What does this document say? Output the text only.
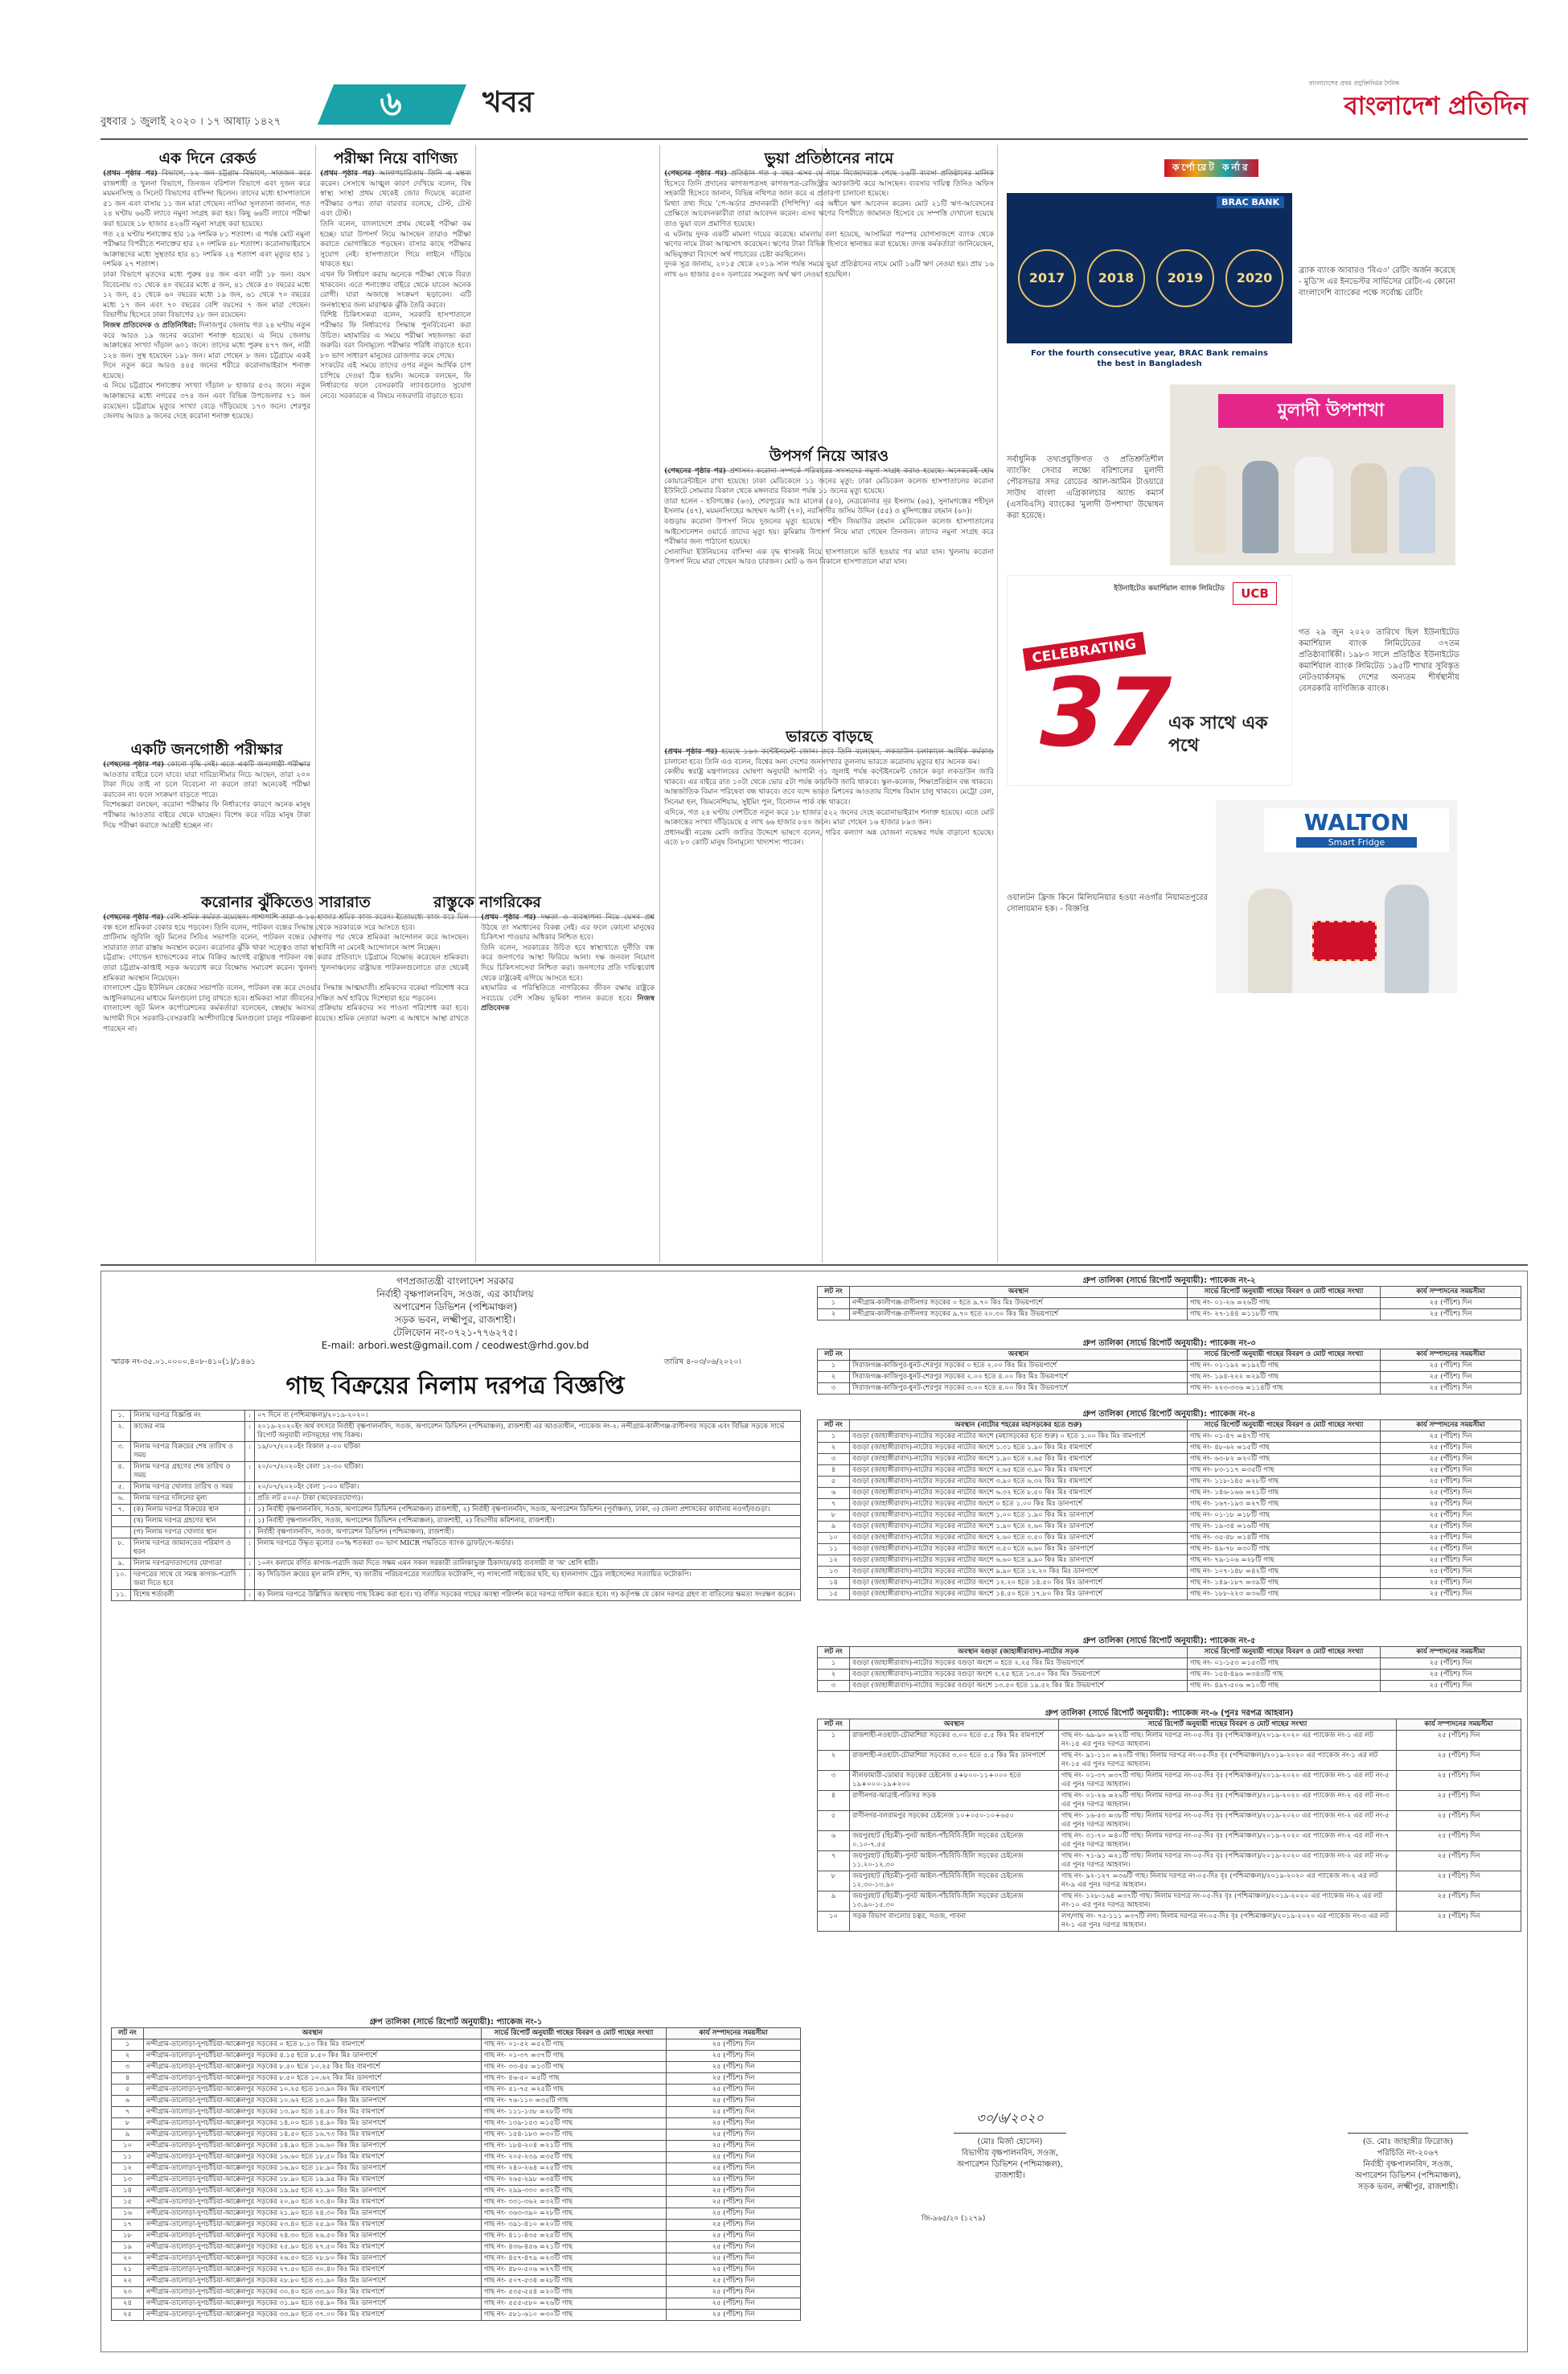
বুধবার ১ জুলাই ২০২০ । ১৭ আষাঢ় ১৪২৭	৬	খবর
বাংলাদেশের প্রথম প্রযুক্তিনির্ভর দৈনিক
বাংলাদেশ প্রতিদিন
এক দিনে রেকর্ড
(প্রথম পৃষ্ঠার পর) বিভাগে, ১২ জন চট্টগ্রাম বিভাগে, সাতজন করে রাজশাহী ও খুলনা বিভাগে, তিনজন বরিশাল বিভাগে এবং দুজন করে ময়মনসিংহ ও সিলেট বিভাগের বাসিন্দা ছিলেন। তাদের মধ্যে হাসপাতালে ৫১ জন এবং বাসায় ১১ জন মারা গেছেন। নাসিমা সুলতানা জানান, গত ২৪ ঘণ্টায় ৬৬টি ল্যাবে নমুনা সংগ্রহ করা হয়। কিছু ৬৬টি ল্যাবে পরীক্ষা করা হয়েছে ১৮ হাজার ৪২৬টি নমুনা সংগ্রহ করা হয়েছে।
গত ২৪ ঘণ্টায় শনাক্তের হার ১৯ দশমিক ৮১ শতাংশ। এ পর্যন্ত মোট নমুনা পরীক্ষার বিপরীতে শনাক্তের হার ২০ দশমিক ৪৮ শতাংশ। করোনাভাইরাসে আক্রান্তদের মধ্যে সুস্থতার হার ৪১ দশমিক ২৪ শতাংশ এবং মৃত্যুর হার ১ দশমিক ২৭ শতাংশ।
ঢাকা বিভাগে মৃতদের মধ্যে পুরুষ ৪৪ জন এবং নারী ১৮ জন। বয়স বিবেচনায় ৩১ থেকে ৪০ বছরের মধ্যে ৫ জন, ৪১ থেকে ৫০ বছরের মধ্যে ১২ জন, ৫১ থেকে ৬০ বছরের মধ্যে ১৯ জন, ৬১ থেকে ৭০ বছরের মধ্যে ১৭ জন এবং ৭০ বছরের বেশি বয়সের ৭ জন মারা গেছেন। বিভাগীয় হিসেবে ঢাকা বিভাগের ২৮ জন রয়েছেন।
নিজস্ব প্রতিবেদক ও প্রতিনিধিরা: দিনাজপুর জেলায় গত ২৪ ঘণ্টায় নতুন করে আরও ১৯ জনের করোনা শনাক্ত হয়েছে। এ নিয়ে জেলায় আক্রান্তের সংখ্যা দাঁড়াল ৬০১ জনে। তাদের মধ্যে পুরুষ ৪৭৭ জন, নারী ১২৪ জন। সুস্থ হয়েছেন ১৯৮ জন। মারা গেছেন ৮ জন। চট্টগ্রামে একই দিনে নতুন করে আরও ৪৪৫ জনের শরীরে করোনাভাইরাস শনাক্ত হয়েছে।
এ নিয়ে চট্টগ্রামে শনাক্তের সংখ্যা দাঁড়াল ৮ হাজার ৫৩২ জনে। নতুন আক্রান্তদের মধ্যে নগরের ৩৭৪ জন এবং বিভিন্ন উপজেলার ৭১ জন রয়েছেন। চট্টগ্রামে মৃত্যুর সংখ্যা বেড়ে দাঁড়িয়েছে ১৭৩ জনে। শেরপুর জেলায় আরও ৯ জনের দেহে করোনা শনাক্ত হয়েছে।
একটি জনগোষ্ঠী পরীক্ষার
(পেছনের পৃষ্ঠার পর) কোনো বৃদ্ধি নেই। এতে একটি জনগোষ্ঠী পরীক্ষার আওতার বাইরে চলে যাবে। যারা দারিদ্র্যসীমার নিচে আছেন, তারা ২০০ টাকা দিয়ে তাই না চলে বিবেচনা না করলে তারা অনেকেই পরীক্ষা করাবেন না। ফলে সংক্রমণ বাড়তে পারে।
বিশেষজ্ঞরা বলছেন, করোনা পরীক্ষার ফি নির্ধারণের কারণে অনেক মানুষ পরীক্ষার আওতার বাইরে থেকে যাচ্ছেন। বিশেষ করে দরিদ্র মানুষ টাকা দিয়ে পরীক্ষা করাতে আগ্রহী হচ্ছেন না।
করোনার ঝুঁকিতেও সারারাত
(পেছনের পৃষ্ঠার পর) বেশি শ্রমিক কর্মরত রয়েছেন। পাশাপাশি তারা ও ১৪ হাজার শ্রমিক কাজ করেন। ইতোমধ্যে কাজ করে মিল বন্ধ হলে শ্রমিকরা বেকার হয়ে পড়বেন। তিনি বলেন, পাটকল বন্ধের সিদ্ধান্ত থেকে সরকারকে সরে আসতে হবে।
প্রাটিনাম জুবিলি জুট মিলের সিবিএ সভাপতি বলেন, পাটকল বন্ধের ঘোষণার পর থেকে শ্রমিকরা আন্দোলন করে আসছেন। সারারাত তারা রাস্তায় অবস্থান করেন। করোনার ঝুঁকি থাকা সত্ত্বেও তারা স্বাস্থ্যবিধি না মেনেই আন্দোলনে অংশ নিচ্ছেন।
চট্টগ্রাম: গোল্ডেন হ্যান্ডশেকের নামে বিক্রির আগেই রাষ্ট্রায়ত্ত পাটকল বন্ধ করার প্রতিবাদে চট্টগ্রামে বিক্ষোভ করেছেন শ্রমিকরা। তারা চট্টগ্রাম-কাপ্তাই সড়ক অবরোধ করে বিক্ষোভ সমাবেশ করেন। খুলনা: খুলনাঞ্চলের রাষ্ট্রায়ত্ত পাটকলগুলোতে রাত থেকেই শ্রমিকরা অবস্থান নিয়েছেন।
বাংলাদেশ ট্রেড ইউনিয়ন কেন্দ্রের সভাপতি বলেন, পাটকল বন্ধ করে দেওয়ার সিদ্ধান্ত আত্মঘাতী। শ্রমিকদের বকেয়া পরিশোধ করে আধুনিকায়নের মাধ্যমে মিলগুলো চালু রাখতে হবে। শ্রমিকরা সারা জীবনের সঞ্চিত অর্থ হারিয়ে দিশেহারা হয়ে পড়বেন।
বাংলাদেশ জুট মিলস কর্পোরেশনের কর্মকর্তারা বলেছেন, স্বেচ্ছায় অবসর প্রক্রিয়ায় শ্রমিকদের সব পাওনা পরিশোধ করা হবে। আগামী দিনে সরকারি-বেসরকারি অংশীদারিত্বে মিলগুলো চালুর পরিকল্পনা রয়েছে। শ্রমিক নেতারা অবশ্য এ আশ্বাসে আস্থা রাখতে পারছেন না।
পরীক্ষা নিয়ে বাণিজ্য
(প্রথম পৃষ্ঠার পর) আলাপচারিতায় তিনি এ মন্তব্য করেন। সেসাথে আত্মুল কারণ দেখিয়ে বলেন, বিষ স্বাস্থ্য সংস্থা প্রথম থেকেই জোর দিয়েছে করোনা পরীক্ষার ওপর। তারা বারবার বলেছে, টেস্ট, টেস্ট এবং টেস্ট।
তিনি বলেন, বাংলাদেশে প্রথম থেকেই পরীক্ষা কম হচ্ছে। যারা উপসর্গ নিয়ে আসছেন তারাও পরীক্ষা করাতে ভোগান্তিতে পড়ছেন। বাসার কাছে পরীক্ষার সুযোগ নেই। হাসপাতালে গিয়ে লাইনে দাঁড়িয়ে থাকতে হয়।
এখন ফি নির্ধারণ করায় অনেকে পরীক্ষা থেকে বিরত থাকবেন। এতে শনাক্তের বাইরে থেকে যাবেন অনেক রোগী। যারা অজান্তে সংক্রমণ ছড়াবেন। এটি জনস্বাস্থ্যের জন্য মারাত্মক ঝুঁকি তৈরি করবে।
বিশিষ্ট চিকিৎসকরা বলেন, সরকারি হাসপাতালে পরীক্ষার ফি নির্ধারণের সিদ্ধান্ত পুনর্বিবেচনা করা উচিত। মহামারির এ সময়ে পরীক্ষা সহজলভ্য করা জরুরি। বরং বিনামূল্যে পরীক্ষার পরিধি বাড়াতে হবে। ৮০ ভাগ সাধারণ মানুষের রোজগার কমে গেছে।
সংকটের এই সময়ে তাদের ওপর নতুন আর্থিক চাপ চাপিয়ে দেওয়া ঠিক হয়নি। অনেকে বলছেন, ফি নির্ধারণের ফলে বেসরকারি ল্যাবগুলোও সুযোগ নেবে। সরকারকে এ বিষয়ে নজরদারি বাড়াতে হবে।
রাস্তুকে নাগরিকের
(প্রথম পৃষ্ঠার পর) দক্ষতা ও ব্যবস্থাপনা নিয়ে যেসব প্রশ্ন উঠছে তা সমাধানের বিকল্প নেই। এর ফলে কোনো মানুষের চিকিৎসা পাওয়ার অধিকার নিশ্চিত হবে।
তিনি বলেন, সরকারের উচিত হবে স্বাস্থ্যখাতে দুর্নীতি বন্ধ করে জনগণের আস্থা ফিরিয়ে আনা। দক্ষ জনবল নিয়োগ দিয়ে চিকিৎসাসেবা নিশ্চিত করা। জনগণের প্রতি দায়িত্ববোধ থেকে রাষ্ট্রকেই এগিয়ে আসতে হবে।
মহামারির এ পরিস্থিতিতে নাগরিকের জীবন রক্ষায় রাষ্ট্রকে সবচেয়ে বেশি সক্রিয় ভূমিকা পালন করতে হবে। নিজস্ব প্রতিবেদক
ভুয়া প্রতিষ্ঠানের নামে
(পেছনের পৃষ্ঠার পর) প্রতিষ্ঠান গত ৫ বছর এসব যে নামে নিজেদেরকে পেছে ১৬টি ব্যবসা প্রতিষ্ঠানের মালিক হিসেবে তিনি প্রদানের কাগজপত্রসহ কাগজপত্র-রেজিস্ট্রার অ্যাকাউন্ট করে আসছেন। ব্যবসার দায়িত্ব তিনিও অফিস সহকারী হিসেবে জানান, বিভিন্ন নথিপত্র জাল করে এ প্রতারণা চালানো হয়েছে।
মিথ্যা তথ্য দিয়ে 'পে-অর্ডার প্রদানকারী (পিপিপি)' এর অধীনে ঋণ আবেদন করেন। মোট ২১টি ঋণ-আবেদনের প্রেক্ষিতে আবেদনকারীরা তারা আবেদন করেন। এসব ঋণের বিপরীতে জামানত হিসেবে যে সম্পত্তি দেখানো হয়েছে তাও ভুয়া বলে প্রমাণিত হয়েছে।
এ ঘটনায় দুদক একটি মামলা দায়ের করেছে। মামলায় বলা হয়েছে, আসামিরা পরস্পর যোগসাজশে ব্যাংক থেকে ঋণের নামে টাকা আত্মসাৎ করেছেন। ঋণের টাকা বিভিন্ন হিসাবে স্থানান্তর করা হয়েছে। তদন্ত কর্মকর্তারা জানিয়েছেন, অভিযুক্তরা বিদেশে অর্থ পাচারের চেষ্টা করছিলেন।
দুদক সূত্র জানায়, ২০১৫ থেকে ২০১৯ সাল পর্যন্ত সময়ে ভুয়া প্রতিষ্ঠানের নামে মোট ১৬টি ঋণ নেওয়া হয়। প্রায় ১৬ লাখ ৬০ হাজার ৫০০ ডলারের সমতুল্য অর্থ ঋণ নেওয়া হয়েছিল।
উপসর্গ নিয়ে আরও
(পেছনের পৃষ্ঠার পর) প্রশাসন। করোনা সম্পর্কে পরিবারের সদস্যদের নমুনা সংগ্রহ করাও হয়েছে। অনেককেই হোম কোয়ারেন্টাইনে রাখা হয়েছে। ঢাকা মেডিকেলে ১১ জনের মৃত্যু: ঢাকা মেডিকেল কলেজ হাসপাতালের করোনা ইউনিটে সোমবার বিকাল থেকে মঙ্গলবার বিকাল পর্যন্ত ১১ জনের মৃত্যু হয়েছে।
তারা হলেন - হবিগঞ্জের (৬৩), শেরপুরের আঃ মালেক (৫০), নেত্রকোনার নূর ইসলাম (৬৫), সুনামগঞ্জের শহীদুল ইসলাম (৪৭), ময়মনসিংহের আহম্মদ আলী (৭০), নরসিংদীর জসিম উদ্দিন (৫৫) ও মুন্সিগঞ্জের রহমান (৬০)।
বগুড়ায় করোনা উপসর্গ নিয়ে দুজনের মৃত্যু হয়েছে। শহীদ জিয়াউর রহমান মেডিকেল কলেজ হাসপাতালের আইসোলেশন ওয়ার্ডে তাদের মৃত্যু হয়। কুমিল্লায় উপসর্গ নিয়ে মারা গেছেন তিনজন। তাদের নমুনা সংগ্রহ করে পরীক্ষার জন্য পাঠানো হয়েছে।
সোনাদিয়া ইউনিয়নের বাসিন্দা এক বৃদ্ধ শ্বাসকষ্ট নিয়ে হাসপাতালে ভর্তি হওয়ার পর মারা যান। খুলনায় করোনা উপসর্গ নিয়ে মারা গেছেন আরও চারজন। মোট ৬ জন বিকালে হাসপাতালে মারা যান।
ভারতে বাড়ছে
(প্রথম পৃষ্ঠার পর) হয়েছে ১৬৩ কন্টেইনমেন্ট জোন। তবে তিনি বলেছেন, লকডাউন চলাকালে আর্থিক কর্মকাণ্ড চালানো হবে। তিনি এও বলেন, বিশ্বের অন্য দেশের জনসংখ্যার তুলনায় ভারতে করোনায় মৃত্যুর হার অনেক কম।
কেন্দ্রীয় স্বরাষ্ট্র মন্ত্রণালয়ের ঘোষণা অনুযায়ী আগামী ৩১ জুলাই পর্যন্ত কন্টেইনমেন্ট জোনে কড়া লকডাউন জারি থাকবে। এর বাইরে রাত ১০টা থেকে ভোর ৫টা পর্যন্ত কারফিউ জারি থাকবে। স্কুল-কলেজ, শিক্ষাপ্রতিষ্ঠান বন্ধ থাকবে।
আন্তর্জাতিক বিমান পরিষেবা বন্ধ থাকবে। তবে বন্দে ভারত মিশনের আওতায় বিশেষ বিমান চালু থাকবে। মেট্রো রেল, সিনেমা হল, জিমনেশিয়াম, সুইমিং পুল, বিনোদন পার্ক বন্ধ থাকবে।
এদিকে, গত ২৪ ঘণ্টায় দেশটিতে নতুন করে ১৮ হাজার ৫২২ জনের দেহে করোনাভাইরাস শনাক্ত হয়েছে। এতে মোট আক্রান্তের সংখ্যা দাঁড়িয়েছে ৫ লাখ ৬৬ হাজার ৮৪০ জনে। মারা গেছেন ১৬ হাজার ৮৯৩ জন।
প্রধানমন্ত্রী নরেন্দ্র মোদি জাতির উদ্দেশে ভাষণে বলেন, গরিব কল্যাণ অন্ন যোজনা নভেম্বর পর্যন্ত বাড়ানো হয়েছে। এতে ৮০ কোটি মানুষ বিনামূল্যে খাদ্যশস্য পাবেন।
কর্পোরেট কর্নার
BRAC BANK
2017	2018	2019	2020
For the fourth consecutive year, BRAC Bank remains the best in Bangladesh
ব্র্যাক ব্যাংক আবারও 'বিএ৩' রেটিং অর্জন করেছে - মুডি'স এর ইনভেস্টর সার্ভিসের রেটিং-এ কোনো বাংলাদেশি ব্যাংকের পক্ষে সর্বোচ্চ রেটিং
মুলাদী উপশাখা
সর্বাধুনিক তথ্যপ্রযুক্তিগত ও প্রতিশ্রুতিশীল ব্যাংকিং সেবার লক্ষ্যে বরিশালের মুলাদী পৌরসভার সদর রোডের আল-আমিন টাওয়ারে সাউথ বাংলা এগ্রিকালচার অ্যান্ড কমার্স (এসবিএসি) ব্যাংকের 'মুলাদী উপশাখা' উদ্বোধন করা হয়েছে।
ইউনাইটেড কমার্শিয়াল ব্যাংক লিমিটেড	UCB
CELEBRATING
37
এক সাথে এক পথে
গত ২৯ জুন ২০২০ তারিখে ছিল ইউনাইটেড কমার্শিয়াল ব্যাংক লিমিটেডের ৩৭তম প্রতিষ্ঠাবার্ষিকী। ১৯৮৩ সালে প্রতিষ্ঠিত ইউনাইটেড কমার্শিয়াল ব্যাংক লিমিটেড ১৯৫টি শাখার সুবিস্তৃত নেটওয়ার্কসমৃদ্ধ দেশের অন্যতম শীর্ষস্থানীয় বেসরকারি বাণিজ্যিক ব্যাংক।
WALTON
Smart Fridge
ওয়ালটন ফ্রিজ কিনে মিলিয়নিয়ার হওয়া নওগাঁর নিয়ামতপুরের সোলায়মান হক। - বিজ্ঞপ্তি
গণপ্রজাতন্ত্রী বাংলাদেশ সরকার
নির্বাহী বৃক্ষপালনবিদ, সওজ, এর কার্যালয়
অপারেশন ডিভিশন (পশ্চিমাঞ্চল)
সড়ক ভবন, লক্ষ্মীপুর, রাজশাহী।
টেলিফোন নং-০৭২১-৭৭৬২৭৫।
E-mail: arbori.west@gmail.com / ceodwest@rhd.gov.bd
স্মারক নং-৩৫.০১.০০০০.৪০৮-৪১০(১)/১৪৬১	তারিখ ৪-০৩/০৬/২০২০।
গাছ বিক্রয়ের নিলাম দরপত্র বিজ্ঞপ্তি
১.	নিলাম দরপত্র বিজ্ঞপ্তি নং	:	০৭ দিনে ব্য (পশ্চিমাঞ্চল)/২০১৯-২০২০।
২.	কাজের নাম	:	২০১৯-২০২০ইং অর্থ বৎসরে নির্বাহী বৃক্ষপালনবিদ, সওজ, অপারেশন ডিভিশন (পশ্চিমাঞ্চল), রাজশাহী এর আওতাধীন, প্যাকেজ নং-২: নন্দীগ্রাম-কালীগঞ্জ-রাণীনগর সড়কে এবং বিভিন্ন সড়কে সার্ভে রিপোর্ট অনুযায়ী লটসমূহের গাছ বিক্রয়।
৩.	নিলাম দরপত্র বিক্রয়ের শেষ তারিখ ও সময়	:	১৯/০৭/২০২০ইং বিকাল ৫-০০ ঘটিকা
৪.	নিলাম দরপত্র গ্রহণের শেষ তারিখ ও সময়	:	২০/০৭/২০২০ইং বেলা ১২-৩০ ঘটিকা।
৫.	নিলাম দরপত্র খোলার তারিখ ও সময়	:	২০/০৭/২০২০ইং বেলা ১-০০ ঘটিকা।
৬.	নিলাম দরপত্র দলিলের মূল্য	:	প্রতি লট ৫০০/- টাকা (অফেরতযোগ্য)।
৭.	(ক) নিলাম দরপত্র বিক্রয়ের স্থান	:	১) নির্বাহী বৃক্ষপালনবিদ, সওজ, অপারেশন ডিভিশন (পশ্চিমাঞ্চল) রাজশাহী, ২) নির্বাহী বৃক্ষপালনবিদ, সওজ, অপারেশন ডিভিশন (পূর্বাঞ্চল), ঢাকা, ৩) জেলা প্রশাসকের কার্যালয় নওগাঁ/বগুড়া।
	(খ) নিলাম দরপত্র গ্রহণের স্থান	:	১) নির্বাহী বৃক্ষপালনবিদ, সওজ, অপারেশন ডিভিশন (পশ্চিমাঞ্চল), রাজশাহী, ২) বিভাগীয় কমিশনার, রাজশাহী।
	(গ) নিলাম দরপত্র খোলার স্থান	:	নির্বাহী বৃক্ষপালনবিদ, সওজ, অপারেশন ডিভিশন (পশ্চিমাঞ্চল), রাজশাহী।
৮.	নিলাম দরপত্র জামানতের পরিমাণ ও ধরন	:	নিলাম দরপত্রে উদ্ধৃত মূল্যের ৩০% শতকরা ৩০ ভাগ MICR পদ্ধতিতে ব্যাংক ড্রাফট/পে-অর্ডার।
৯.	নিলাম দরপত্রদাতাগণের যোগ্যতা	:	১০নং কলামে বর্ণিত কাগজ-পত্রাদি জমা দিতে সক্ষম এমন সকল সরকারী তালিকাভুক্ত ঠিকাদার/কাঠ ব্যবসায়ী বা 'অ' শ্রেণি ধারী।
১০.	দরপত্রের সাথে যে সমস্ত কাগজ-পত্রাদি জমা দিতে হবে	:	ক) সিডিউল ক্রয়ের মূল মানি রশিদ, খ) জাতীয় পরিচয়পত্রের সত্যায়িত ফটোকপি, গ) পাসপোর্ট সাইজের ছবি, ঘ) হালনাগাদ ট্রেড লাইসেন্সের সত্যায়িত ফটোকপি।
১১.	বিশেষ শর্তাবলী	:	ক) নিলাম দরপত্রে উল্লিখিত অবস্থায় গাছ বিক্রয় করা হবে। খ) বর্ণিত সড়কের গাছের অবস্থা পরিদর্শন করে দরপত্র দাখিল করতে হবে। গ) কর্তৃপক্ষ যে কোন দরপত্র গ্রহণ বা বাতিলের ক্ষমতা সংরক্ষণ করেন।
গ্রুপ তালিকা (সার্ভে রিপোর্ট অনুযায়ী): প্যাকেজ নং-১
লট নং	অবস্থান	সার্ভে রিপোর্ট অনুযায়ী গাছের বিবরণ ও মোট গাছের সংখ্যা	কার্য সম্পাদনের সময়সীমা
১	নন্দীগ্রাম-তালোড়া-দুপচাঁচিয়া-আক্কেলপুর সড়কের ০ হতে ৮.১৩ কিঃ মিঃ বামপার্শে	গাছ নং- ০১-৫২ =৫২টি গাছ	২৫ (পঁচিশ) দিন
২	নন্দীগ্রাম-তালোড়া-দুপচাঁচিয়া-আক্কেলপুর সড়কের ৪.১৫ হতে ৮.৫০ কিঃ মিঃ ডানপার্শে	গাছ নং- ০১-৩৭ =৩৭টি গাছ	২৫ (পঁচিশ) দিন
৩	নন্দীগ্রাম-তালোড়া-দুপচাঁচিয়া-আক্কেলপুর সড়কের ৮.৫০ হতে ১০.২৫ কিঃ মিঃ বামপার্শে	গাছ নং- ৩৩-৪৫ =১৩টি গাছ	২৫ (পঁচিশ) দিন
৪	নন্দীগ্রাম-তালোড়া-দুপচাঁচিয়া-আক্কেলপুর সড়কের ৮.৫০ হতে ১০.৬২ কিঃ মিঃ ডানপার্শে	গাছ নং- ৪৬-৫০ =৫টি গাছ	২৫ (পঁচিশ) দিন
৫	নন্দীগ্রাম-তালোড়া-দুপচাঁচিয়া-আক্কেলপুর সড়কের ১০.২৫ হতে ১৩.৯০ কিঃ মিঃ বামপার্শে	গাছ নং- ৫১-৭৫ =২৫টি গাছ	২৫ (পঁচিশ) দিন
৬	নন্দীগ্রাম-তালোড়া-দুপচাঁচিয়া-আক্কেলপুর সড়কের ১০.৬২ হতে ১৩.৯০ কিঃ মিঃ ডানপার্শে	গাছ নং- ৭৬-১১০ =৩৫টি গাছ	২৫ (পঁচিশ) দিন
৭	নন্দীগ্রাম-তালোড়া-দুপচাঁচিয়া-আক্কেলপুর সড়কের ১৩.৯০ হতে ১৪.৫০ কিঃ মিঃ বামপার্শে	গাছ নং- ১১১-১৩৮ =২৮টি গাছ	২৫ (পঁচিশ) দিন
৮	নন্দীগ্রাম-তালোড়া-দুপচাঁচিয়া-আক্কেলপুর সড়কের ১৪.০০ হতে ১৪.৯০ কিঃ মিঃ ডানপার্শে	গাছ নং- ১৩৯-১৫৩ =১৫টি গাছ	২৫ (পঁচিশ) দিন
৯	নন্দীগ্রাম-তালোড়া-দুপচাঁচিয়া-আক্কেলপুর সড়কের ১৪.৫০ হতে ১৬.৭৩ কিঃ মিঃ বামপার্শে	গাছ নং- ১৫৪-১৮৩ =৩০টি গাছ	২৫ (পঁচিশ) দিন
১০	নন্দীগ্রাম-তালোড়া-দুপচাঁচিয়া-আক্কেলপুর সড়কের ১৪.৯০ হতে ১৬.৬০ কিঃ মিঃ ডানপার্শে	গাছ নং- ১৮৪-২০৪ =২১টি গাছ	২৫ (পঁচিশ) দিন
১১	নন্দীগ্রাম-তালোড়া-দুপচাঁচিয়া-আক্কেলপুর সড়কের ১৬.৬০ হতে ১৮.৫০ কিঃ মিঃ বামপার্শে	গাছ নং- ২০৫-২৩৯ =৩৫টি গাছ	২৫ (পঁচিশ) দিন
১২	নন্দীগ্রাম-তালোড়া-দুপচাঁচিয়া-আক্কেলপুর সড়কের ১৬.৯০ হতে ১৮.৯০ কিঃ মিঃ ডানপার্শে	গাছ নং- ২৪০-২৬৪ =২৫টি গাছ	২৫ (পঁচিশ) দিন
১৩	নন্দীগ্রাম-তালোড়া-দুপচাঁচিয়া-আক্কেলপুর সড়কের ১৮.৯০ হতে ১৯.৯৫ কিঃ মিঃ বামপার্শে	গাছ নং- ২৬৫-২৯৮ =৩৪টি গাছ	২৫ (পঁচিশ) দিন
১৪	নন্দীগ্রাম-তালোড়া-দুপচাঁচিয়া-আক্কেলপুর সড়কের ১৯.৯৫ হতে ২১.৯০ কিঃ মিঃ ডানপার্শে	গাছ নং- ২৯৯-৩৩০ =৩২টি গাছ	২৫ (পঁচিশ) দিন
১৫	নন্দীগ্রাম-তালোড়া-দুপচাঁচিয়া-আক্কেলপুর সড়কের ২০.৯০ হতে ২৩.৪০ কিঃ মিঃ বামপার্শে	গাছ নং- ৩৩১-৩৬২ =৩২টি গাছ	২৫ (পঁচিশ) দিন
১৬	নন্দীগ্রাম-তালোড়া-দুপচাঁচিয়া-আক্কেলপুর সড়কের ২১.৯০ হতে ২৪.৩০ কিঃ মিঃ ডানপার্শে	গাছ নং- ৩৬৩-৩৯০ =২৮টি গাছ	২৫ (পঁচিশ) দিন
১৭	নন্দীগ্রাম-তালোড়া-দুপচাঁচিয়া-আক্কেলপুর সড়কের ২৩.৪০ হতে ২৫.৯০ কিঃ মিঃ বামপার্শে	গাছ নং- ৩৯১-৪১০ =২০টি গাছ	২৫ (পঁচিশ) দিন
১৮	নন্দীগ্রাম-তালোড়া-দুপচাঁচিয়া-আক্কেলপুর সড়কের ২৪.৩০ হতে ২৬.৫০ কিঃ মিঃ ডানপার্শে	গাছ নং- ৪১১-৪৩৫ =২৫টি গাছ	২৫ (পঁচিশ) দিন
১৯	নন্দীগ্রাম-তালোড়া-দুপচাঁচিয়া-আক্কেলপুর সড়কের ২৫.৯০ হতে ২৭.৫০ কিঃ মিঃ বামপার্শে	গাছ নং- ৪৩৬-৪৫৬ =২১টি গাছ	২৫ (পঁচিশ) দিন
২০	নন্দীগ্রাম-তালোড়া-দুপচাঁচিয়া-আক্কেলপুর সড়কের ২৬.৫০ হতে ২৮.৮০ কিঃ মিঃ ডানপার্শে	গাছ নং- ৪৫৭-৪৭৯ =২৩টি গাছ	২৫ (পঁচিশ) দিন
২১	নন্দীগ্রাম-তালোড়া-দুপচাঁচিয়া-আক্কেলপুর সড়কের ২৭.৫০ হতে ৩০.৪০ কিঃ মিঃ বামপার্শে	গাছ নং- ৪৮০-৫০৬ =২৭টি গাছ	২৫ (পঁচিশ) দিন
২২	নন্দীগ্রাম-তালোড়া-দুপচাঁচিয়া-আক্কেলপুর সড়কের ২৮.৮০ হতে ৩১.৯০ কিঃ মিঃ ডানপার্শে	গাছ নং- ৫০৭-৫৩৪ =২৮টি গাছ	২৫ (পঁচিশ) দিন
২৩	নন্দীগ্রাম-তালোড়া-দুপচাঁচিয়া-আক্কেলপুর সড়কের ৩০.৪০ হতে ৩৩.৯০ কিঃ মিঃ বামপার্শে	গাছ নং- ৫৩৫-৫৫৪ =২০টি গাছ	২৫ (পঁচিশ) দিন
২৪	নন্দীগ্রাম-তালোড়া-দুপচাঁচিয়া-আক্কেলপুর সড়কের ৩১.৯০ হতে ৩৪.৯০ কিঃ মিঃ ডানপার্শে	গাছ নং- ৫৫৫-৫৮০ =২৬টি গাছ	২৫ (পঁচিশ) দিন
২৫	নন্দীগ্রাম-তালোড়া-দুপচাঁচিয়া-আক্কেলপুর সড়কের ৩৩.৯০ হতে ৩৭.০০ কিঃ মিঃ বামপার্শে	গাছ নং- ৫৮১-৬১০ =৩০টি গাছ	২৫ (পঁচিশ) দিন
গ্রুপ তালিকা (সার্ভে রিপোর্ট অনুযায়ী): প্যাকেজ নং-২
লট নং	অবস্থান	সার্ভে রিপোর্ট অনুযায়ী গাছের বিবরণ ও মোট গাছের সংখ্যা	কার্য সম্পাদনের সময়সীমা
১	নন্দীগ্রাম-কালীগঞ্জ-রাণীনগর সড়কের ০ হতে ৯.৭০ কিঃ মিঃ উভয়পার্শে	গাছ নং- ০১-২৬ =২৬টি গাছ	২৫ (পঁচিশ) দিন
২	নন্দীগ্রাম-কালীগঞ্জ-রাণীনগর সড়কের ৯.৭০ হতে ২০.৩০ কিঃ মিঃ উভয়পার্শে	গাছ নং- ২৭-১৪৪ =১১৮টি গাছ	২৫ (পঁচিশ) দিন
গ্রুপ তালিকা (সার্ভে রিপোর্ট অনুযায়ী): প্যাকেজ নং-৩
লট নং	অবস্থান	সার্ভে রিপোর্ট অনুযায়ী গাছের বিবরণ ও মোট গাছের সংখ্যা	কার্য সম্পাদনের সময়সীমা
১	সিরাজগঞ্জ-কাজিপুর-ধুনট-শেরপুর সড়কের ০ হতে ২.০০ কিঃ মিঃ উভয়পার্শে	গাছ নং- ০১-১৯২ =১৯২টি গাছ	২৫ (পঁচিশ) দিন
২	সিরাজগঞ্জ-কাজিপুর-ধুনট-শেরপুর সড়কের ২.০০ হতে ৪.০০ কিঃ মিঃ উভয়পার্শে	গাছ নং- ১৯৪-২২২ =২৯টি গাছ	২৫ (পঁচিশ) দিন
৩	সিরাজগঞ্জ-কাজিপুর-ধুনট-শেরপুর সড়কের ৩.০০ হতে ৪.০০ কিঃ মিঃ উভয়পার্শে	গাছ নং- ২২৩-৩৩৬ =১১৪টি গাছ	২৫ (পঁচিশ) দিন
গ্রুপ তালিকা (সার্ভে রিপোর্ট অনুযায়ী): প্যাকেজ নং-৪
লট নং	অবস্থান (নাটোর শহরের মহাসড়কের হতে শুরু)	সার্ভে রিপোর্ট অনুযায়ী গাছের বিবরণ ও মোট গাছের সংখ্যা	কার্য সম্পাদনের সময়সীমা
১	বগুড়া (জাহাঙ্গীরাবাদ)-নাটোর সড়কের নাটোর অংশে (মহাসড়কের হতে শুরু) ০ হতে ১.০০ কিঃ মিঃ বামপার্শে	গাছ নং- ০১-৪৭ =৪৭টি গাছ	২৫ (পঁচিশ) দিন
২	বগুড়া (জাহাঙ্গীরাবাদ)-নাটোর সড়কের নাটোর অংশে ১.৩১ হতে ১.৯০ কিঃ মিঃ বামপার্শে	গাছ নং- ৪৮-৬২ =১৫টি গাছ	২৫ (পঁচিশ) দিন
৩	বগুড়া (জাহাঙ্গীরাবাদ)-নাটোর সড়কের নাটোর অংশে ১.৯০ হতে ২.৬৫ কিঃ মিঃ বামপার্শে	গাছ নং- ৬৩-৮২ =২০টি গাছ	২৫ (পঁচিশ) দিন
৪	বগুড়া (জাহাঙ্গীরাবাদ)-নাটোর সড়কের নাটোর অংশে ২.৬৫ হতে ৩.৯০ কিঃ মিঃ বামপার্শে	গাছ নং- ৮৩-১১৭ =৩৫টি গাছ	২৫ (পঁচিশ) দিন
৫	বগুড়া (জাহাঙ্গীরাবাদ)-নাটোর সড়কের নাটোর অংশে ৩.৯০ হতে ৬.৩২ কিঃ মিঃ বামপার্শে	গাছ নং- ১১৮-১৪৫ =২৮টি গাছ	২৫ (পঁচিশ) দিন
৬	বগুড়া (জাহাঙ্গীরাবাদ)-নাটোর সড়কের নাটোর অংশে ৬.৩২ হতে ৮.৫০ কিঃ মিঃ বামপার্শে	গাছ নং- ১৪৬-১৬৬ =২১টি গাছ	২৫ (পঁচিশ) দিন
৭	বগুড়া (জাহাঙ্গীরাবাদ)-নাটোর সড়কের নাটোর অংশে ০ হতে ১.০০ কিঃ মিঃ ডানপার্শে	গাছ নং- ১৬৭-১৯৩ =২৭টি গাছ	২৫ (পঁচিশ) দিন
৮	বগুড়া (জাহাঙ্গীরাবাদ)-নাটোর সড়কের নাটোর অংশে ১.০০ হতে ১.৯০ কিঃ মিঃ ডানপার্শে	গাছ নং- ০১-১৮ =১৮টি গাছ	২৫ (পঁচিশ) দিন
৯	বগুড়া (জাহাঙ্গীরাবাদ)-নাটোর সড়কের নাটোর অংশে ১.৯০ হতে ২.৬০ কিঃ মিঃ ডানপার্শে	গাছ নং- ১৯-৩৪ =১৬টি গাছ	২৫ (পঁচিশ) দিন
১০	বগুড়া (জাহাঙ্গীরাবাদ)-নাটোর সড়কের নাটোর অংশে ২.৬০ হতে ৩.৫০ কিঃ মিঃ ডানপার্শে	গাছ নং- ৩৫-৪৮ =১৪টি গাছ	২৫ (পঁচিশ) দিন
১১	বগুড়া (জাহাঙ্গীরাবাদ)-নাটোর সড়কের নাটোর অংশে ৩.৫০ হতে ৬.৬০ কিঃ মিঃ ডানপার্শে	গাছ নং- ৪৯-৭৮ =৩০টি গাছ	২৫ (পঁচিশ) দিন
১২	বগুড়া (জাহাঙ্গীরাবাদ)-নাটোর সড়কের নাটোর অংশে ৬.৬০ হতে ৯.৯০ কিঃ মিঃ ডানপার্শে	গাছ নং- ৭৯-১০৬ =২৮টি গাছ	২৫ (পঁচিশ) দিন
১৩	বগুড়া (জাহাঙ্গীরাবাদ)-নাটোর সড়কের নাটোর অংশে ৯.৯০ হতে ১২.২০ কিঃ মিঃ ডানপার্শে	গাছ নং- ১০৭-১৪৮ =৪২টি গাছ	২৫ (পঁচিশ) দিন
১৪	বগুড়া (জাহাঙ্গীরাবাদ)-নাটোর সড়কের নাটোর অংশে ১২.২০ হতে ১৪.৫০ কিঃ মিঃ ডানপার্শে	গাছ নং- ১৪৯-১৮৭ =৩৯টি গাছ	২৫ (পঁচিশ) দিন
১৫	বগুড়া (জাহাঙ্গীরাবাদ)-নাটোর সড়কের নাটোর অংশে ১৪.৫০ হতে ১৭.৮০ কিঃ মিঃ ডানপার্শে	গাছ নং- ১৮৮-২২৩ =৩৬টি গাছ	২৫ (পঁচিশ) দিন
গ্রুপ তালিকা (সার্ভে রিপোর্ট অনুযায়ী): প্যাকেজ নং-৫
লট নং	অবস্থান বগুড়া (জাহাঙ্গীরাবাদ)-নাটোর সড়ক	সার্ভে রিপোর্ট অনুযায়ী গাছের বিবরণ ও মোট গাছের সংখ্যা	কার্য সম্পাদনের সময়সীমা
১	বগুড়া (জাহাঙ্গীরাবাদ)-নাটোর সড়কের বগুড়া অংশে ০ হতে ২.২৫ কিঃ মিঃ উভয়পার্শে	গাছ নং- ০১-১৫৩ =১৫৩টি গাছ	২৫ (পঁচিশ) দিন
২	বগুড়া (জাহাঙ্গীরাবাদ)-নাটোর সড়কের বগুড়া অংশে ২.২৫ হতে ১৩.৫০ কিঃ মিঃ উভয়পার্শে	গাছ নং- ১৫৪-৪৯৬ =৩৪৩টি গাছ	২৫ (পঁচিশ) দিন
৩	বগুড়া (জাহাঙ্গীরাবাদ)-নাটোর সড়কের বগুড়া অংশে ১৩.৫০ হতে ১৯.৫২ কিঃ মিঃ উভয়পার্শে	গাছ নং- ৪৯৭-৫০৬ =১০টি গাছ	২৫ (পঁচিশ) দিন
গ্রুপ তালিকা (সার্ভে রিপোর্ট অনুযায়ী): প্যাকেজ নং-৬ (পুনঃ দরপত্র আহবান)
লট নং	অবস্থান	সার্ভে রিপোর্ট অনুযায়ী গাছের বিবরণ ও মোট গাছের সংখ্যা	কার্য সম্পাদনের সময়সীমা
১	রাজশাহী-নওহাটা-চৌমাশিয়া সড়কের ৩.০০ হতে ৫.৫ কিঃ মিঃ বামপার্শে	গাছ নং- ৬৯-৯০ =২২টি গাছ। নিলাম দরপত্র নং-০৫-দিঃ বৃঃ (পশ্চিমাঞ্চল)/২০১৯-২০২০ এর প্যাকেজ নং-১ এর লট নং-১৪ এর পুনঃ দরপত্র আহবান।	২৫ (পঁচিশ) দিন
২	রাজশাহী-নওহাটা-চৌমাশিয়া সড়কের ৩.০০ হতে ৫.৫ কিঃ মিঃ ডানপার্শে	গাছ নং- ৯১-১১০ =২০টি গাছ। নিলাম দরপত্র নং-০৫-দিঃ বৃঃ (পশ্চিমাঞ্চল)/২০১৯-২০২০ এর প্যাকেজ নং-১ এর লট নং-১৫ এর পুনঃ দরপত্র আহবান।	২৫ (পঁচিশ) দিন
৩	নীলফামারী-ডোমার সড়কের চেইনেজ ৫+৮০০-১১+০০০ হতে ১৯+০০০-১৯+২০০	গাছ নং- ০১-৩৭ =৩৭টি গাছ। নিলাম দরপত্র নং-০৫-দিঃ বৃঃ (পশ্চিমাঞ্চল)/২০১৯-২০২০ এর প্যাকেজ নং-১ এর লট নং-৫ এর পুনঃ দরপত্র আহবান।	২৫ (পঁচিশ) দিন
৪	রাণীনগর-আত্রাই-পতিসর সড়ক	গাছ নং- ০১-২৬ =২৬টি গাছ। নিলাম দরপত্র নং-০৫-দিঃ বৃঃ (পশ্চিমাঞ্চল)/২০১৯-২০২০ এর প্যাকেজ নং-২ এর লট নং-৩ এর পুনঃ দরপত্র আহবান।	২৫ (পঁচিশ) দিন
৫	রাণীনগর-বলরামপুর সড়কের চেইনেজ ১০+০৫০-১০+৬৫০	গাছ নং- ১৬-৫৩ =৩৮টি গাছ। নিলাম দরপত্র নং-০৫-দিঃ বৃঃ (পশ্চিমাঞ্চল)/২০১৯-২০২০ এর প্যাকেজ নং-২ এর লট নং-৫ এর পুনঃ দরপত্র আহবান।	২৫ (পঁচিশ) দিন
৬	জয়পুরহাট (হিচমী)-পুনট আইল-পাঁচবিবি-হিলি সড়কের চেইনেজ ০.১০-৭.৫৫	গাছ নং- ৩১-৭০ =৪০টি গাছ। নিলাম দরপত্র নং-০৫-দিঃ বৃঃ (পশ্চিমাঞ্চল)/২০১৯-২০২০ এর প্যাকেজ নং-২ এর লট নং-৭ এর পুনঃ দরপত্র আহবান।	২৫ (পঁচিশ) দিন
৭	জয়পুরহাট (হিচমী)-পুনট আইল-পাঁচবিবি-হিলি সড়কের চেইনেজ ১১.২০-১২.৩০	গাছ নং- ৭১-৯১ =২১টি গাছ। নিলাম দরপত্র নং-০৫-দিঃ বৃঃ (পশ্চিমাঞ্চল)/২০১৯-২০২০ এর প্যাকেজ নং-২ এর লট নং-৮ এর পুনঃ দরপত্র আহবান।	২৫ (পঁচিশ) দিন
৮	জয়পুরহাট (হিচমী)-পুনট আইল-পাঁচবিবি-হিলি সড়কের চেইনেজ ১২.৩০-১৩.৯০	গাছ নং- ৯২-১২৭ =৩৬টি গাছ। নিলাম দরপত্র নং-০৫-দিঃ বৃঃ (পশ্চিমাঞ্চল)/২০১৯-২০২০ এর প্যাকেজ নং-২ এর লট নং-৯ এর পুনঃ দরপত্র আহবান।	২৫ (পঁচিশ) দিন
৯	জয়পুরহাট (হিচমী)-পুনট আইল-পাঁচবিবি-হিলি সড়কের চেইনেজ ১৩.৯০-১৫.৩০	গাছ নং- ১২৮-১৬৪ =৩৭টি গাছ। নিলাম দরপত্র নং-০৫-দিঃ বৃঃ (পশ্চিমাঞ্চল)/২০১৯-২০২০ এর প্যাকেজ নং-২ এর লট নং-১০ এর পুনঃ দরপত্র আহবান।	২৫ (পঁচিশ) দিন
১০	সড়ক বিভাগ বাংলোর চত্বর, সওজ, পাবনা	লগ/গাছ নং- ৭৫-১১১ =৩৭টি লগ। নিলাম দরপত্র নং-০৫-দিঃ বৃঃ (পশ্চিমাঞ্চল)/২০১৯-২০২০ এর প্যাকেজ নং-৩ এর লট নং-১ এর পুনঃ দরপত্র আহবান।	২৫ (পঁচিশ) দিন
৩০/৬/২০২০
(মোঃ মির্জা হোসেন)
বিভাগীয় বৃক্ষপালনবিদ, সওজ,
অপারেশন ডিভিশন (পশ্চিমাঞ্চল),
রাজশাহী।
(ড. মোঃ জাহাঙ্গীর ফিরোজ)
পরিচিতি নং-২০৬৭
নির্বাহী বৃক্ষপালনবিদ, সওজ,
অপারেশন ডিভিশন (পশ্চিমাঞ্চল),
সড়ক ভবন, লক্ষ্মীপুর, রাজশাহী।
জি-৯৬৫/২০ (১২৭৯)
